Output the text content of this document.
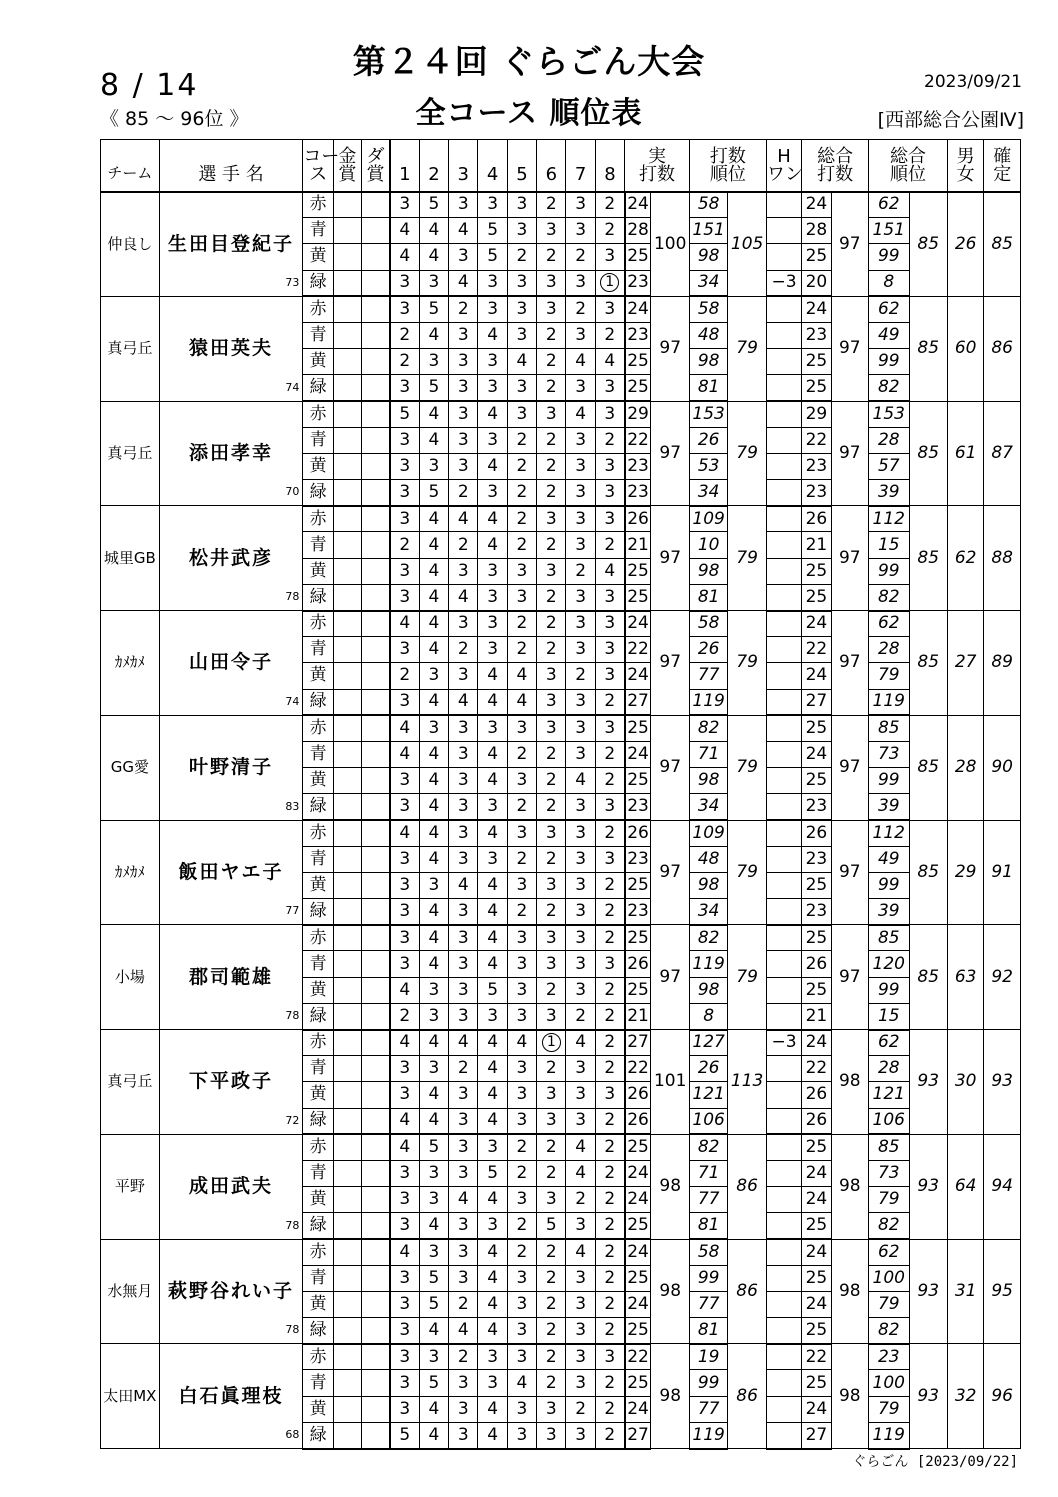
8 / 14
《 85 ～ 96位 》
第２４回 ぐらごん大会
全コース 順位表
2023/09/21
[西部総合公園Ⅳ]
		コー	金	ダ									実		打数		H	総合		総合		男	確
チーム	選 手 名	ス	賞	賞	1	2	3	4	5	6	7	8	打数		順位		ワン	打数		順位		女	定
仲良し	生田目登紀子
73	赤			3	5	3	3	3	2	3	2	24	100	58	105		24	97	62	85	26	85
		青			4	4	4	5	3	3	3	2	28		151			28		151			
		黄			4	4	3	5	2	2	2	3	25		98			25		99			
		緑			3	3	4	3	3	3	3	1	23		34		−3	20		8			
真弓丘	猿田英夫
74	赤			3	5	2	3	3	3	2	3	24	97	58	79		24	97	62	85	60	86
		青			2	4	3	4	3	2	3	2	23		48			23		49			
		黄			2	3	3	3	4	2	4	4	25		98			25		99			
		緑			3	5	3	3	3	2	3	3	25		81			25		82			
真弓丘	添田孝幸
70	赤			5	4	3	4	3	3	4	3	29	97	153	79		29	97	153	85	61	87
		青			3	4	3	3	2	2	3	2	22		26			22		28			
		黄			3	3	3	4	2	2	3	3	23		53			23		57			
		緑			3	5	2	3	2	2	3	3	23		34			23		39			
城里GB	松井武彦
78	赤			3	4	4	4	2	3	3	3	26	97	109	79		26	97	112	85	62	88
		青			2	4	2	4	2	2	3	2	21		10			21		15			
		黄			3	4	3	3	3	3	2	4	25		98			25		99			
		緑			3	4	4	3	3	2	3	3	25		81			25		82			
ｶﾒｶﾒ	山田令子
74	赤			4	4	3	3	2	2	3	3	24	97	58	79		24	97	62	85	27	89
		青			3	4	2	3	2	2	3	3	22		26			22		28			
		黄			2	3	3	4	4	3	2	3	24		77			24		79			
		緑			3	4	4	4	4	3	3	2	27		119			27		119			
GG愛	叶野清子
83	赤			4	3	3	3	3	3	3	3	25	97	82	79		25	97	85	85	28	90
		青			4	4	3	4	2	2	3	2	24		71			24		73			
		黄			3	4	3	4	3	2	4	2	25		98			25		99			
		緑			3	4	3	3	2	2	3	3	23		34			23		39			
ｶﾒｶﾒ	飯田ヤエ子
77	赤			4	4	3	4	3	3	3	2	26	97	109	79		26	97	112	85	29	91
		青			3	4	3	3	2	2	3	3	23		48			23		49			
		黄			3	3	4	4	3	3	3	2	25		98			25		99			
		緑			3	4	3	4	2	2	3	2	23		34			23		39			
小場	郡司範雄
78	赤			3	4	3	4	3	3	3	2	25	97	82	79		25	97	85	85	63	92
		青			3	4	3	4	3	3	3	3	26		119			26		120			
		黄			4	3	3	5	3	2	3	2	25		98			25		99			
		緑			2	3	3	3	3	3	2	2	21		8			21		15			
真弓丘	下平政子
72	赤			4	4	4	4	4	1	4	2	27	101	127	113	−3	24	98	62	93	30	93
		青			3	3	2	4	3	2	3	2	22		26			22		28			
		黄			3	4	3	4	3	3	3	3	26		121			26		121			
		緑			4	4	3	4	3	3	3	2	26		106			26		106			
平野	成田武夫
78	赤			4	5	3	3	2	2	4	2	25	98	82	86		25	98	85	93	64	94
		青			3	3	3	5	2	2	4	2	24		71			24		73			
		黄			3	3	4	4	3	3	2	2	24		77			24		79			
		緑			3	4	3	3	2	5	3	2	25		81			25		82			
水無月	萩野谷れい子
78	赤			4	3	3	4	2	2	4	2	24	98	58	86		24	98	62	93	31	95
		青			3	5	3	4	3	2	3	2	25		99			25		100			
		黄			3	5	2	4	3	2	3	2	24		77			24		79			
		緑			3	4	4	4	3	2	3	2	25		81			25		82			
太田MX	白石眞理枝
68	赤			3	3	2	3	3	2	3	3	22	98	19	86		22	98	23	93	32	96
		青			3	5	3	3	4	2	3	2	25		99			25		100			
		黄			3	4	3	4	3	3	2	2	24		77			24		79			
		緑			5	4	3	4	3	3	3	2	27		119			27		119			
ぐらごん [2023/09/22]
